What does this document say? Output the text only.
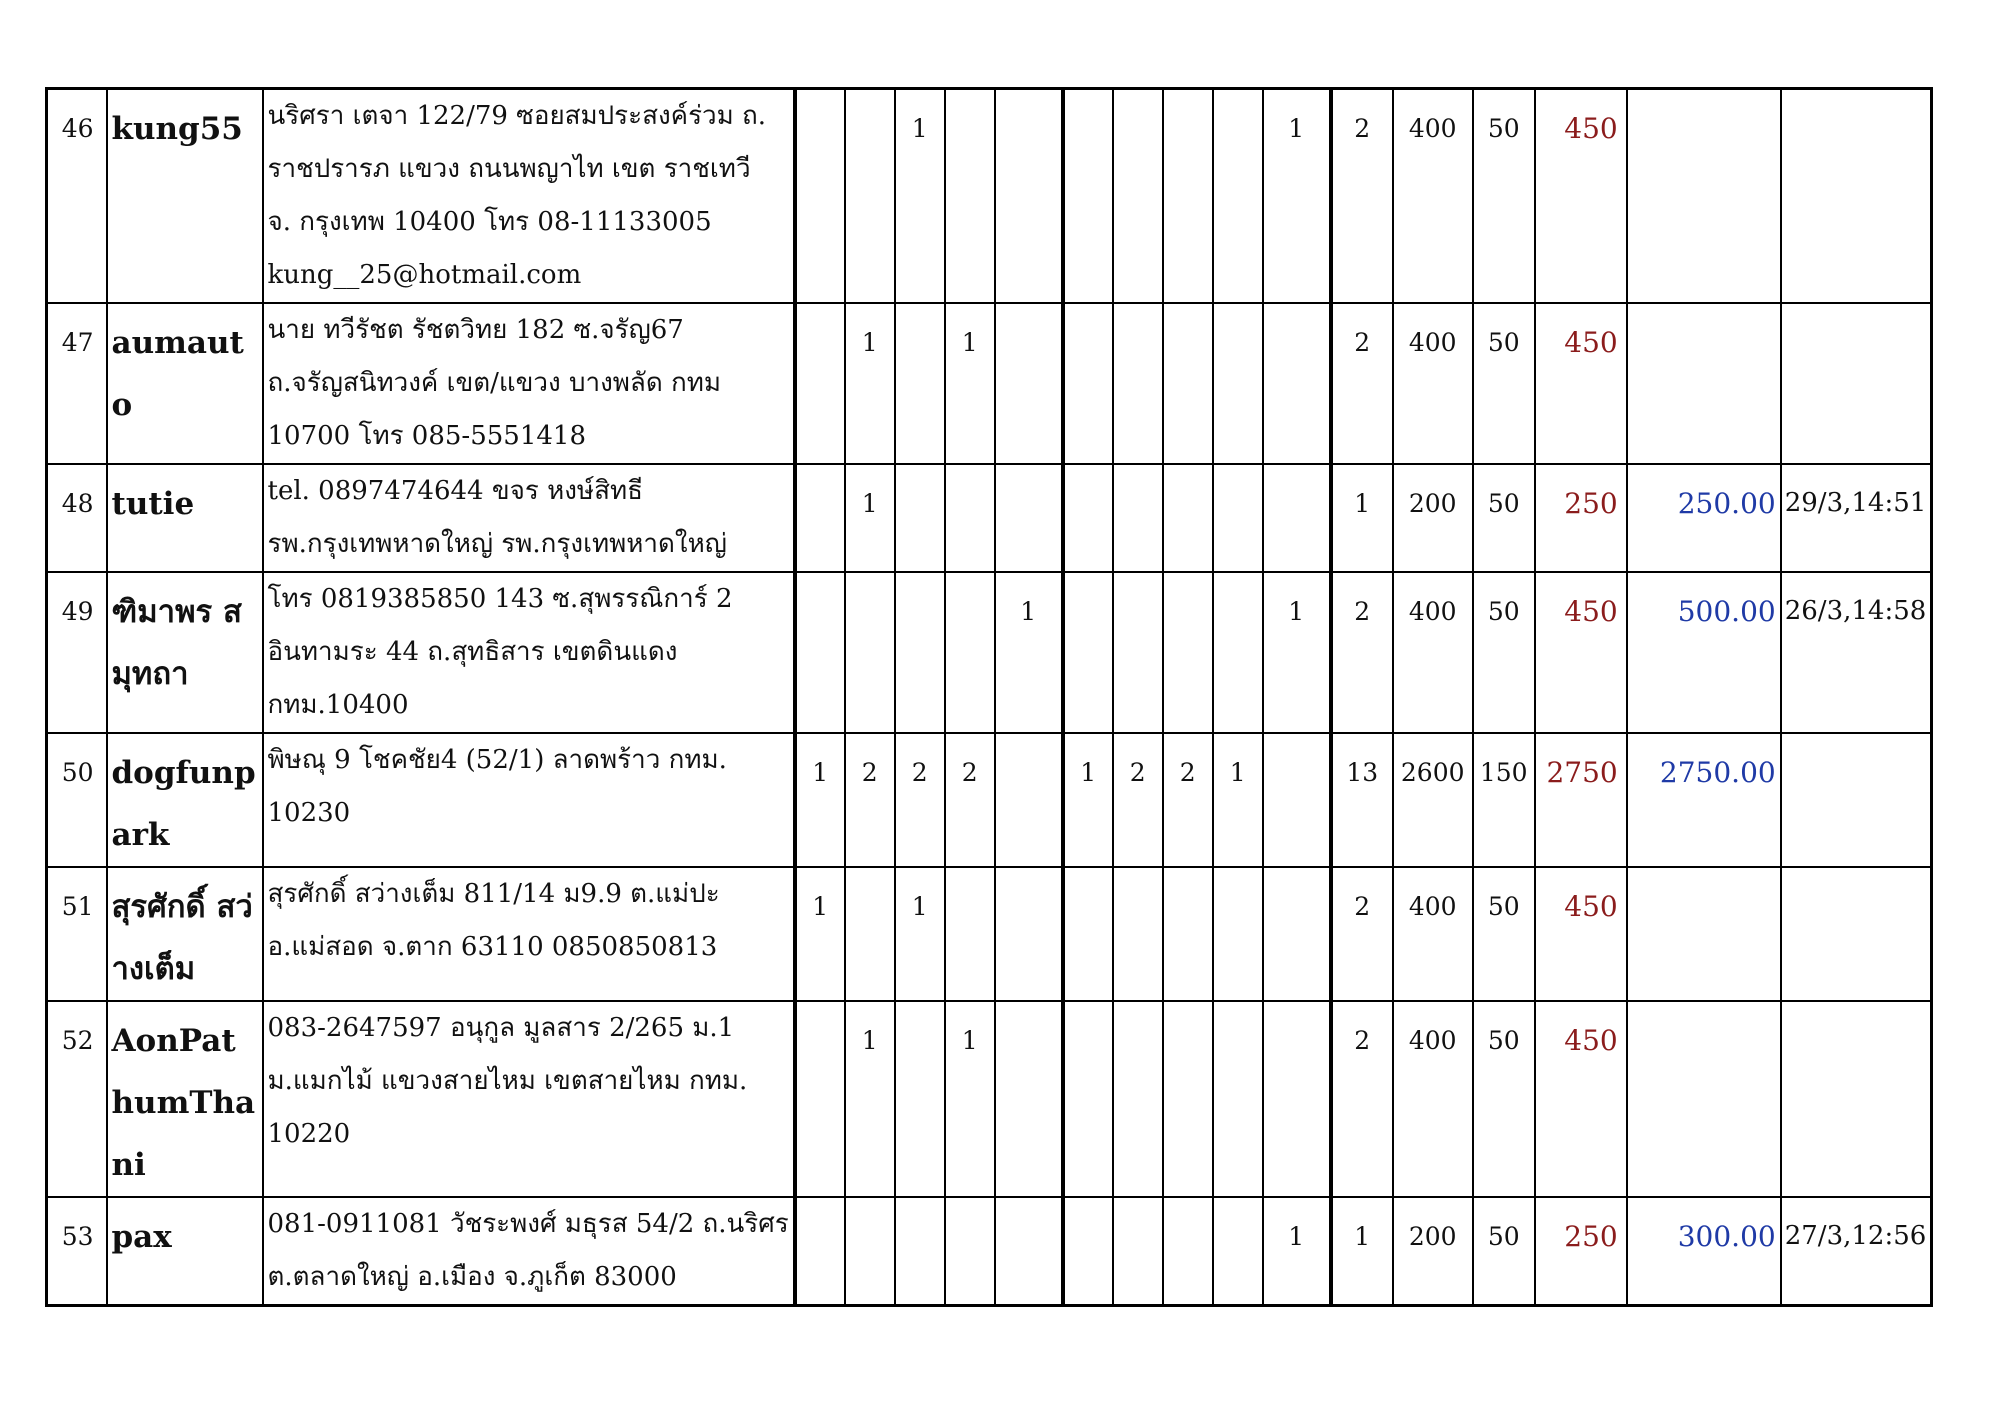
46	kung55	นริศรา เตจา 122/79 ซอยสมประสงค์ร่วม ถ.
ราชปรารภ แขวง ถนนพญาไท เขต ราชเทวี
จ. กรุงเทพ 10400 โทร 08-11133005
kung__25@hotmail.com			1							1	2	400	50	450		
47	aumauto	นาย ทวีรัชต รัชตวิทย 182 ซ.จรัญ67
ถ.จรัญสนิทวงค์ เขต/แขวง บางพลัด กทม
10700 โทร 085-5551418		1		1							2	400	50	450		
48	tutie	tel. 0897474644 ขจร หงษ์สิทธี
รพ.กรุงเทพหาดใหญ่ รพ.กรุงเทพหาดใหญ่		1									1	200	50	250	250.00	29/3,14:51
49	ฑิมาพร สมุทถา	โทร 0819385850 143 ซ.สุพรรณิการ์ 2
อินทามระ 44 ถ.สุทธิสาร เขตดินแดง
กทม.10400					1					1	2	400	50	450	500.00	26/3,14:58
50	dogfunpark	พิษณุ 9 โชคชัย4 (52/1) ลาดพร้าว กทม.
10230	1	2	2	2		1	2	2	1		13	2600	150	2750	2750.00	
51	สุรศักดิ์ สว่างเต็ม	สุรศักดิ์ สว่างเต็ม 811/14 ม9.9 ต.แม่ปะ
อ.แม่สอด จ.ตาก 63110 0850850813	1		1								2	400	50	450		
52	AonPathumThani	083-2647597 อนุกูล มูลสาร 2/265 ม.1
ม.แมกไม้ แขวงสายไหม เขตสายไหม กทม.
10220		1		1							2	400	50	450		
53	pax	081-0911081 วัชระพงศ์ มธุรส 54/2 ถ.นริศร
ต.ตลาดใหญ่ อ.เมือง จ.ภูเก็ต 83000										1	1	200	50	250	300.00	27/3,12:56
